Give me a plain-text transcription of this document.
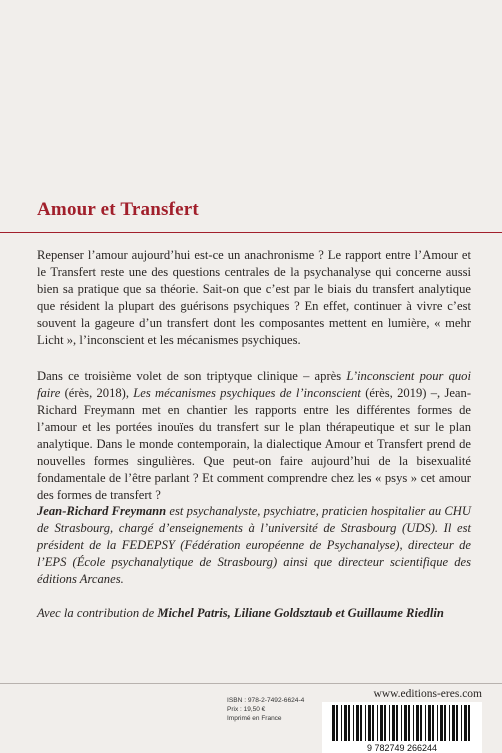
Amour et Transfert

Repenser l’amour aujourd’hui est-ce un anachronisme ? Le rapport entre l’Amour et le Transfert reste une des questions centrales de la psychanalyse qui concerne aussi bien sa pratique que sa théorie. Sait-on que c’est par le biais du transfert analytique que résident la plupart des guérisons psychiques ? En effet, continuer à vivre c’est souvent la gageure d’un transfert dont les composantes mettent en lumière, « mehr Licht », l’inconscient et les mécanismes psychiques.

Dans ce troisième volet de son triptyque clinique – après L’inconscient pour quoi faire (érès, 2018), Les mécanismes psychiques de l’inconscient (érès, 2019) –, Jean-Richard Freymann met en chantier les rapports entre les différentes formes de l’amour et les portées inouïes du transfert sur le plan thérapeutique et sur le plan analytique. Dans le monde contemporain, la dialectique Amour et Transfert prend de nouvelles formes singulières. Que peut-on faire aujourd’hui de la bisexualité fondamentale de l’être parlant ? Et comment comprendre chez les « psys » cet amour des formes de transfert ?

Jean-Richard Freymann est psychanalyste, psychiatre, praticien hospitalier au CHU de Strasbourg, chargé d’enseignements à l’université de Strasbourg (UDS). Il est président de la FEDEPSY (Fédération européenne de Psychanalyse), directeur de l’EPS (École psychanalytique de Strasbourg) ainsi que directeur scientifique des éditions Arcanes.

Avec la contribution de Michel Patris, Liliane Goldsztaub et Guillaume Riedlin

www.editions-eres.com
ISBN : 978-2-7492-6624-4
Prix : 19,50 €
Imprimé en France
9 782749 266244
